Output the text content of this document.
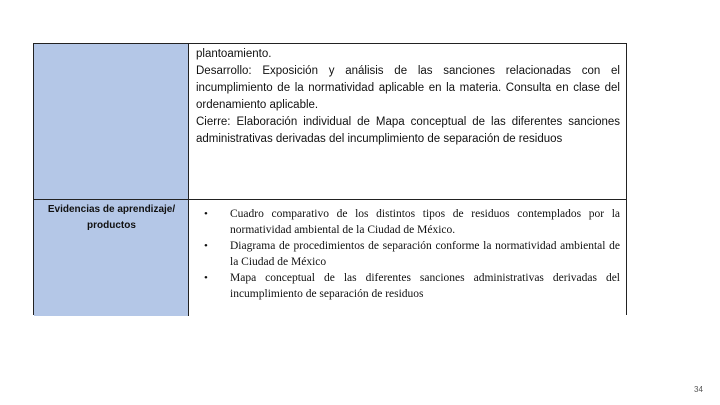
plantoamiento.
Desarrollo: Exposición y análisis de las sanciones relacionadas con el incumplimiento de la normatividad aplicable en la materia. Consulta en clase del ordenamiento aplicable.
Cierre: Elaboración individual de Mapa conceptual de las diferentes sanciones administrativas derivadas del incumplimiento de separación de residuos
Evidencias de aprendizaje/ productos
• Cuadro comparativo de los distintos tipos de residuos contemplados por la normatividad ambiental de la Ciudad de México.
• Diagrama de procedimientos de separación conforme la normatividad ambiental de la Ciudad de México
• Mapa conceptual de las diferentes sanciones administrativas derivadas del incumplimiento de separación de residuos
34
